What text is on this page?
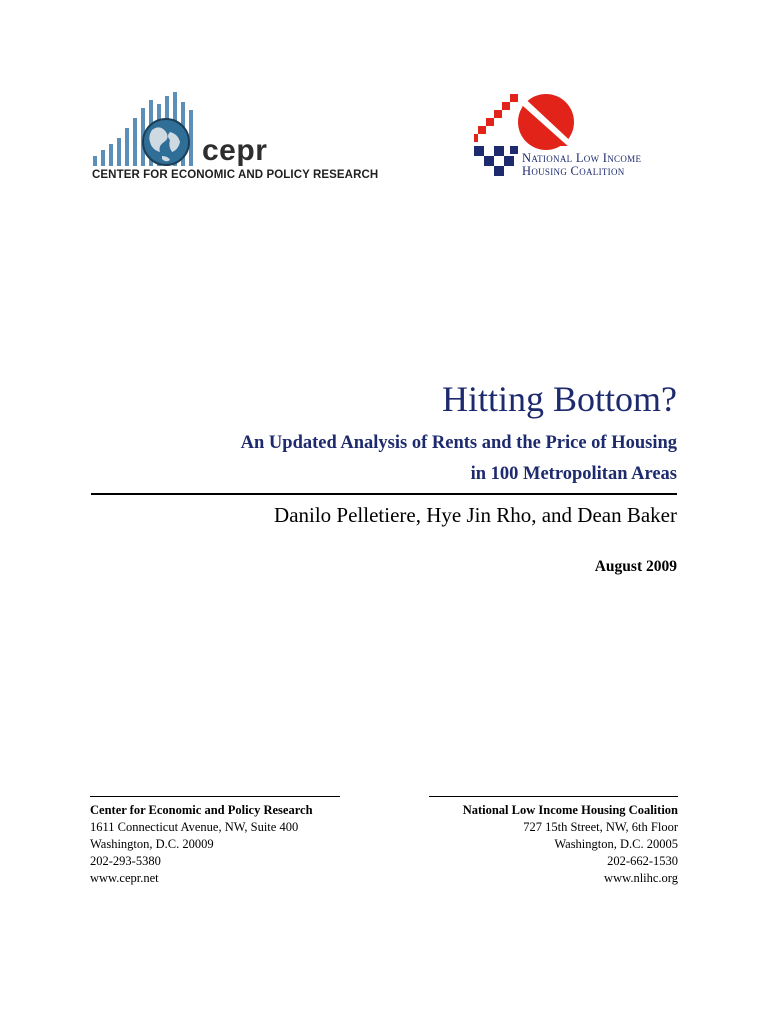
cepr
CENTER FOR ECONOMIC AND POLICY RESEARCH
National Low Income
Housing Coalition
Hitting Bottom?
An Updated Analysis of Rents and the Price of Housing
in 100 Metropolitan Areas
Danilo Pelletiere, Hye Jin Rho, and Dean Baker
August 2009
Center for Economic and Policy Research
1611 Connecticut Avenue, NW, Suite 400
Washington, D.C. 20009
202-293-5380
www.cepr.net
National Low Income Housing Coalition
727 15th Street, NW, 6th Floor
Washington, D.C. 20005
202-662-1530
www.nlihc.org
